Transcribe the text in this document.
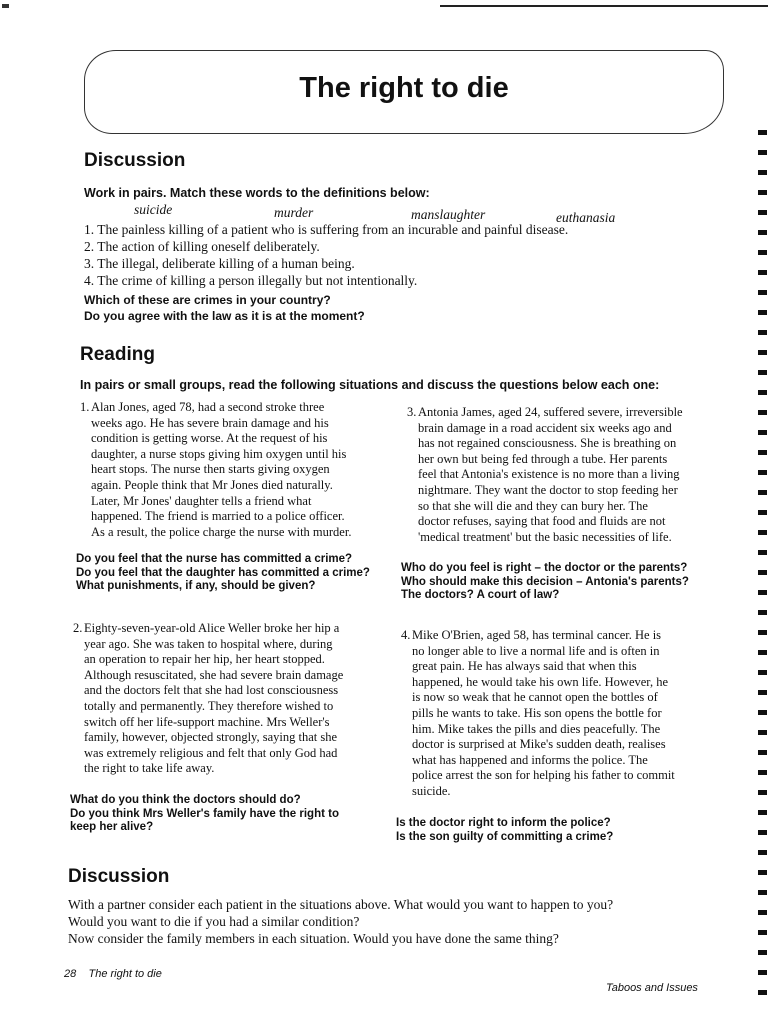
The right to die
Discussion
Work in pairs. Match these words to the definitions below:
suicide	murder	manslaughter	euthanasia
1. The painless killing of a patient who is suffering from an incurable and painful disease.
2. The action of killing oneself deliberately.
3. The illegal, deliberate killing of a human being.
4. The crime of killing a person illegally but not intentionally.
Which of these are crimes in your country?
Do you agree with the law as it is at the moment?
Reading
In pairs or small groups, read the following situations and discuss the questions below each one:
1. Alan Jones, aged 78, had a second stroke three
weeks ago. He has severe brain damage and his
condition is getting worse. At the request of his
daughter, a nurse stops giving him oxygen until his
heart stops. The nurse then starts giving oxygen
again. People think that Mr Jones died naturally.
Later, Mr Jones' daughter tells a friend what
happened. The friend is married to a police officer.
As a result, the police charge the nurse with murder.
Do you feel that the nurse has committed a crime?
Do you feel that the daughter has committed a crime?
What punishments, if any, should be given?
3. Antonia James, aged 24, suffered severe, irreversible
brain damage in a road accident six weeks ago and
has not regained consciousness. She is breathing on
her own but being fed through a tube. Her parents
feel that Antonia's existence is no more than a living
nightmare. They want the doctor to stop feeding her
so that she will die and they can bury her. The
doctor refuses, saying that food and fluids are not
'medical treatment' but the basic necessities of life.
Who do you feel is right – the doctor or the parents?
Who should make this decision – Antonia's parents?
The doctors? A court of law?
2. Eighty-seven-year-old Alice Weller broke her hip a
year ago. She was taken to hospital where, during
an operation to repair her hip, her heart stopped.
Although resuscitated, she had severe brain damage
and the doctors felt that she had lost consciousness
totally and permanently. They therefore wished to
switch off her life-support machine. Mrs Weller's
family, however, objected strongly, saying that she
was extremely religious and felt that only God had
the right to take life away.
What do you think the doctors should do?
Do you think Mrs Weller's family have the right to
keep her alive?
4. Mike O'Brien, aged 58, has terminal cancer. He is
no longer able to live a normal life and is often in
great pain. He has always said that when this
happened, he would take his own life. However, he
is now so weak that he cannot open the bottles of
pills he wants to take. His son opens the bottle for
him. Mike takes the pills and dies peacefully. The
doctor is surprised at Mike's sudden death, realises
what has happened and informs the police. The
police arrest the son for helping his father to commit
suicide.
Is the doctor right to inform the police?
Is the son guilty of committing a crime?
Discussion
With a partner consider each patient in the situations above. What would you want to happen to you?
Would you want to die if you had a similar condition?
Now consider the family members in each situation. Would you have done the same thing?
28 The right to die
Taboos and Issues
